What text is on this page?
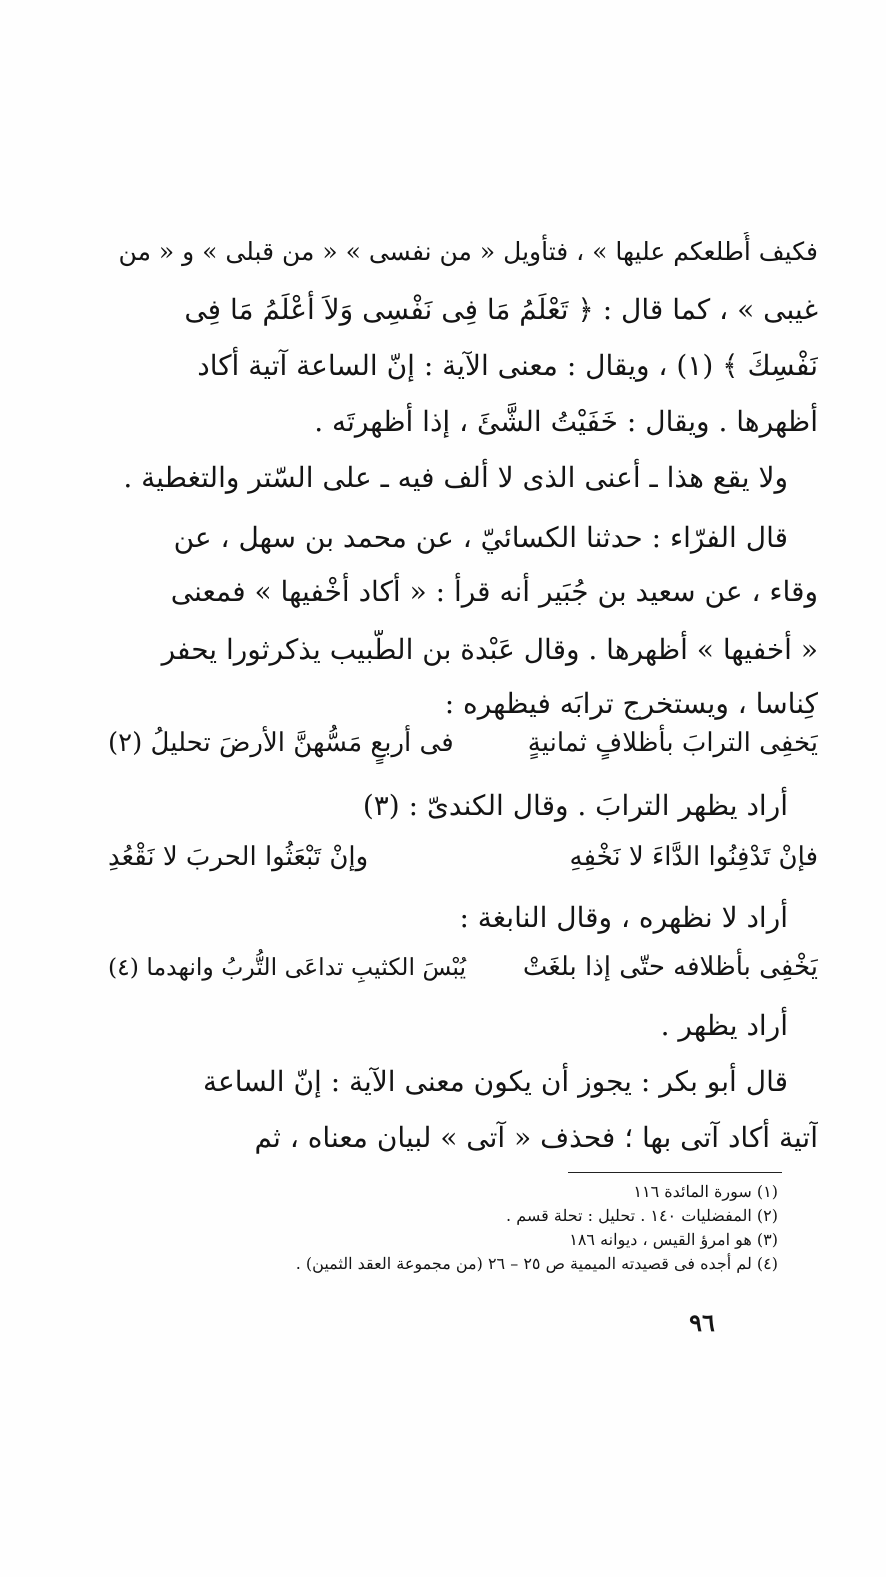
فكيف أُطلعكم عليها » ، فتأويل « من نفسى » « من قبلى » و « من
غيبى » ، كما قال : ﴿ تَعْلَمُ مَا فِى نَفْسِى وَلاَ أَعْلَمُ مَا فِى
نَفْسِكَ ﴾ (١) ، ويقال : معنى الآية : إنّ الساعة آتية أكاد
أُظهرها . ويقال : خَفَيْتُ الشَّئَ ، إذا أظهرتَه .
ولا يقع هذا ـ أعنى الذى لا أَلف فيه ـ على السّتر والتغطية .
قال الفرّاء : حدثنا الكسائيّ ، عن محمد بن سهل ، عن
وقاء ، عن سعيد بن جُبَير أنه قرأ : « أكاد أَخْفيها » فمعنى
« أَخفيها » أُظهرها . وقال عَبْدة بن الطّبيب يذكرثورا يحفر
كِناسا ، ويستخرج ترابَه فيظهره :
يَخفِى الترابَ بأظلافٍ ثمانيةٍ
فى أربعٍ مَسُّهنَّ الأرضَ تحليلُ (٢)
أراد يظهر الترابَ . وقال الكندىّ : (٣)
فإنْ تَدْفِنُوا الدَّاءَ لا نَخْفِهِ
وإنْ تَبْعَثُوا الحربَ لا نَقْعُدِ
أراد لا نظهره ، وقال النابغة :
يَخْفِى بأظلافه حتّى إذا بلغَتْ
يُبْسَ الكثيبِ تداعَى التُّربُ وانهدما (٤)
أراد يظهر .
قال أبو بكر : يجوز أن يكون معنى الآية : إنّ الساعة
آتية أكاد آتى بها ؛ فحذف « آتى » لبيان معناه ، ثم
(١) سورة المائدة ١١٦
(٢) المفضليات ١٤٠ . تحليل : تحلة قسم .
(٣) هو امرؤ القيس ، ديوانه ١٨٦
(٤) لم أجده فى قصيدته الميمية ص ٢٥ – ٢٦ (من مجموعة العقد الثمين) .
٩٦
